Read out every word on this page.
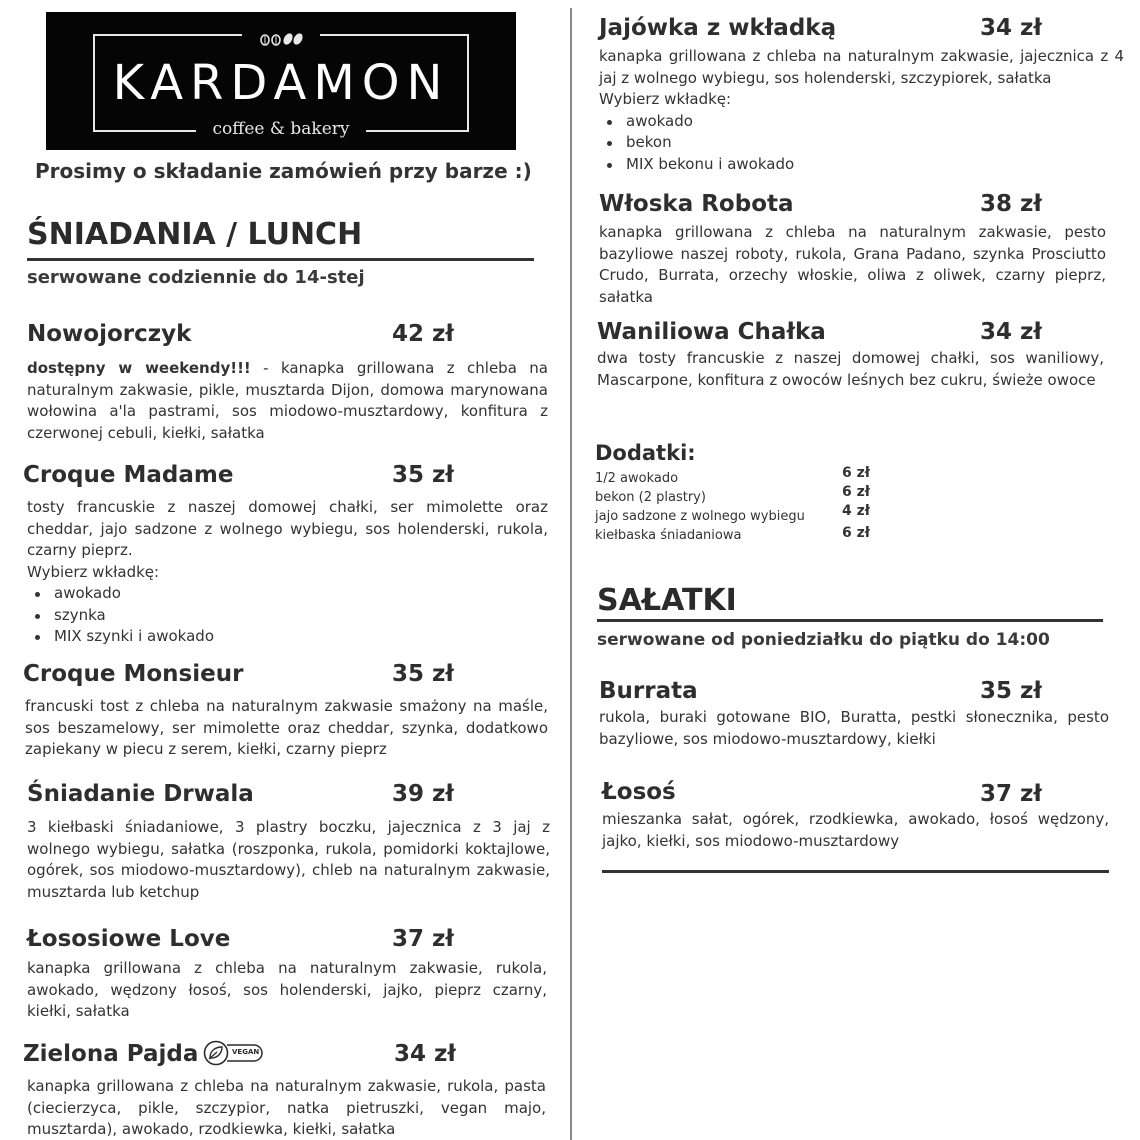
KARDAMON
coffee & bakery
Prosimy o składanie zamówień przy barze :)
ŚNIADANIA / LUNCH
serwowane codziennie do 14-stej
Nowojorczyk	42 zł
dostępny w weekendy!!! - kanapka grillowana z chleba na naturalnym zakwasie, pikle, musztarda Dijon, domowa marynowana wołowina a'la pastrami, sos miodowo-musztardowy, konfitura z czerwonej cebuli, kiełki, sałatka
Croque Madame	35 zł
tosty francuskie z naszej domowej chałki, ser mimolette oraz cheddar, jajo sadzone z wolnego wybiegu, sos holenderski, rukola, czarny pieprz.
Wybierz wkładkę:
awokado
szynka
MIX szynki i awokado
Croque Monsieur	35 zł
francuski tost z chleba na naturalnym zakwasie smażony na maśle, sos beszamelowy, ser mimolette oraz cheddar, szynka, dodatkowo zapiekany w piecu z serem, kiełki, czarny pieprz
Śniadanie Drwala	39 zł
3 kiełbaski śniadaniowe, 3 plastry boczku, jajecznica z 3 jaj z wolnego wybiegu, sałatka (roszponka, rukola, pomidorki koktajlowe, ogórek, sos miodowo-musztardowy), chleb na naturalnym zakwasie, musztarda lub ketchup
Łososiowe Love	37 zł
kanapka grillowana z chleba na naturalnym zakwasie, rukola, awokado, wędzony łosoś, sos holenderski, jajko, pieprz czarny, kiełki, sałatka
Zielona Pajda	VEGAN	34 zł
kanapka grillowana z chleba na naturalnym zakwasie, rukola, pasta (ciecierzyca, pikle, szczypior, natka pietruszki, vegan majo, musztarda), awokado, rzodkiewka, kiełki, sałatka
Jajówka z wkładką	34 zł
kanapka grillowana z chleba na naturalnym zakwasie, jajecznica z 4 jaj z wolnego wybiegu, sos holenderski, szczypiorek, sałatka
Wybierz wkładkę:
awokado
bekon
MIX bekonu i awokado
Włoska Robota	38 zł
kanapka grillowana z chleba na naturalnym zakwasie, pesto bazyliowe naszej roboty, rukola, Grana Padano, szynka Prosciutto Crudo, Burrata, orzechy włoskie, oliwa z oliwek, czarny pieprz, sałatka
Waniliowa Chałka	34 zł
dwa tosty francuskie z naszej domowej chałki, sos waniliowy, Mascarpone, konfitura z owoców leśnych bez cukru, świeże owoce
Dodatki:
1/2 awokado	6 zł
bekon (2 plastry)	6 zł
jajo sadzone z wolnego wybiegu	4 zł
kiełbaska śniadaniowa	6 zł
SAŁATKI
serwowane od poniedziałku do piątku do 14:00
Burrata	35 zł
rukola, buraki gotowane BIO, Buratta, pestki słonecznika, pesto bazyliowe, sos miodowo-musztardowy, kiełki
Łosoś	37 zł
mieszanka sałat, ogórek, rzodkiewka, awokado, łosoś wędzony, jajko, kiełki, sos miodowo-musztardowy
